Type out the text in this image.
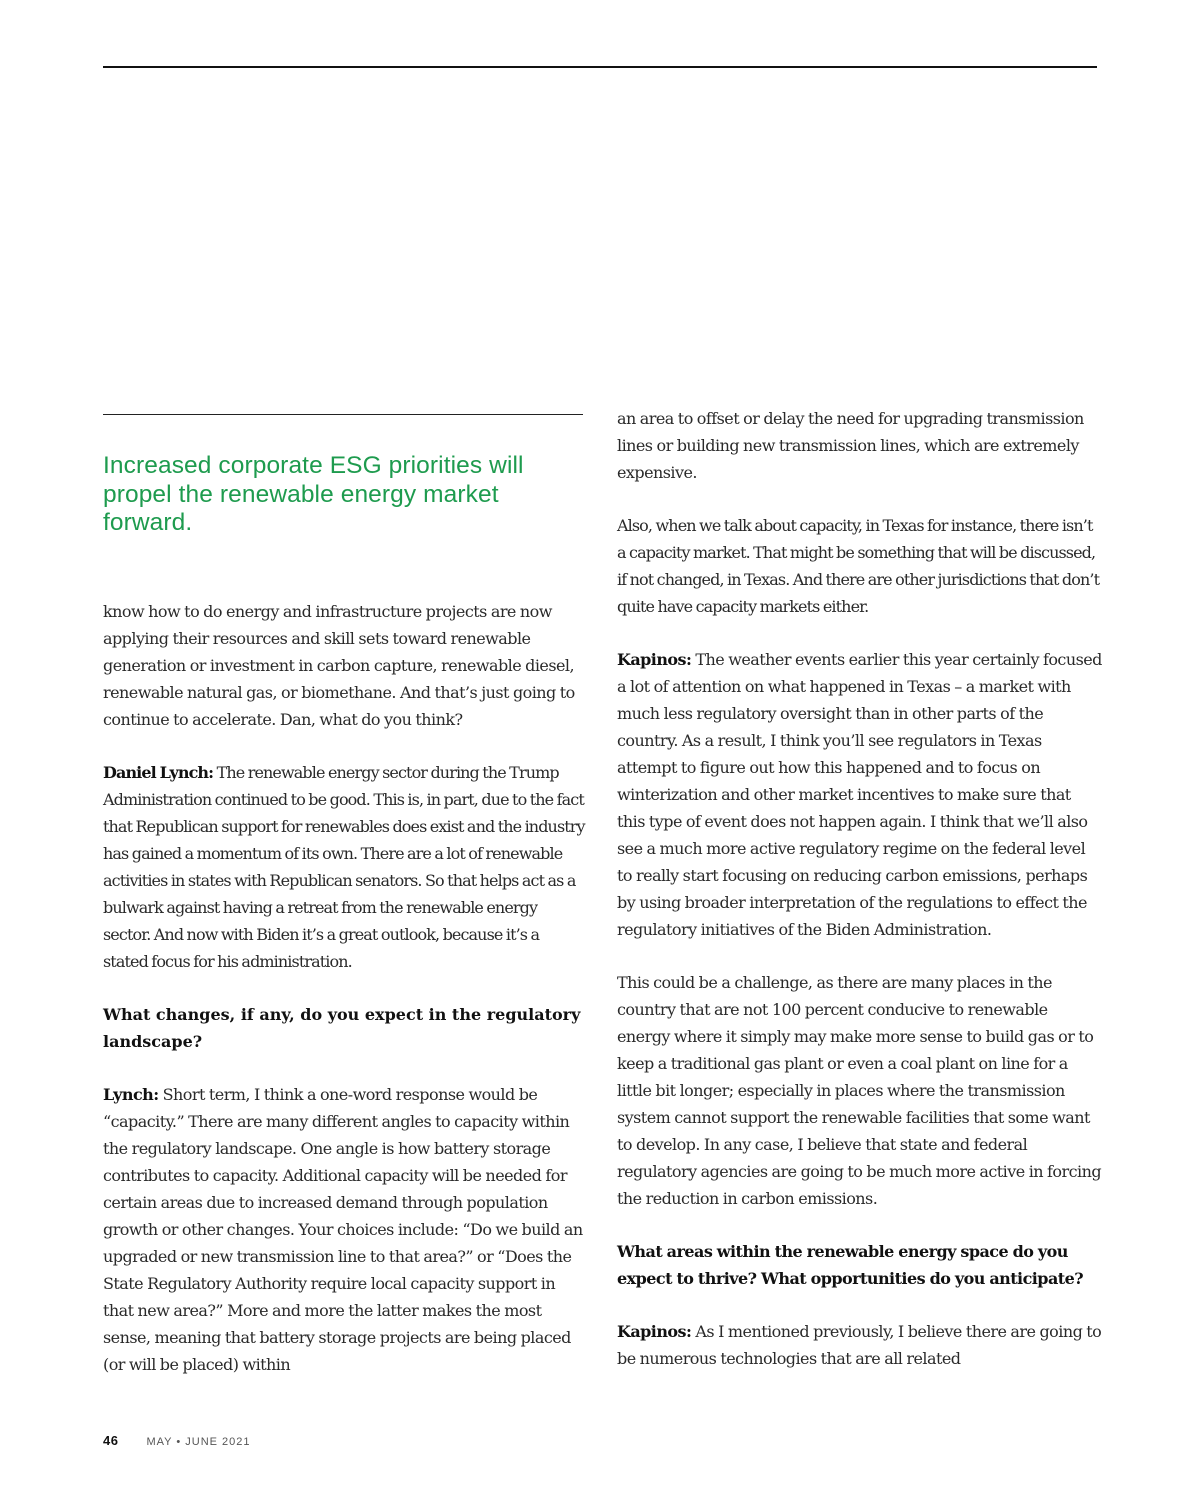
Increased corporate ESG priorities will propel the renewable energy market forward.

know how to do energy and infrastructure projects are now applying their resources and skill sets toward renewable generation or investment in carbon capture, renewable diesel, renewable natural gas, or biomethane. And that’s just going to continue to accelerate. Dan, what do you think?

Daniel Lynch: The renewable energy sector during the Trump Administration continued to be good. This is, in part, due to the fact that Republican support for renewables does exist and the industry has gained a momentum of its own. There are a lot of renewable activities in states with Republican senators. So that helps act as a bulwark against having a retreat from the renewable energy sector. And now with Biden it’s a great outlook, because it’s a stated focus for his administration.

What changes, if any, do you expect in the regulatory landscape?

Lynch: Short term, I think a one-word response would be “capacity.” There are many different angles to capacity within the regulatory landscape. One angle is how battery storage contributes to capacity. Additional capacity will be needed for certain areas due to increased demand through population growth or other changes. Your choices include: “Do we build an upgraded or new transmission line to that area?” or “Does the State Regulatory Authority require local capacity support in that new area?” More and more the latter makes the most sense, meaning that battery storage projects are being placed (or will be placed) within

an area to offset or delay the need for upgrading transmission lines or building new transmission lines, which are extremely expensive.

Also, when we talk about capacity, in Texas for instance, there isn’t a capacity market. That might be something that will be discussed, if not changed, in Texas. And there are other jurisdictions that don’t quite have capacity markets either.

Kapinos: The weather events earlier this year certainly focused a lot of attention on what happened in Texas – a market with much less regulatory oversight than in other parts of the country. As a result, I think you’ll see regulators in Texas attempt to figure out how this happened and to focus on winterization and other market incentives to make sure that this type of event does not happen again. I think that we’ll also see a much more active regulatory regime on the federal level to really start focusing on reducing carbon emissions, perhaps by using broader interpretation of the regulations to effect the regulatory initiatives of the Biden Administration.

This could be a challenge, as there are many places in the country that are not 100 percent conducive to renewable energy where it simply may make more sense to build gas or to keep a traditional gas plant or even a coal plant on line for a little bit longer; especially in places where the transmission system cannot support the renewable facilities that some want to develop. In any case, I believe that state and federal regulatory agencies are going to be much more active in forcing the reduction in carbon emissions.

What areas within the renewable energy space do you expect to thrive? What opportunities do you anticipate?

Kapinos: As I mentioned previously, I believe there are going to be numerous technologies that are all related

46	MAY • JUNE 2021
